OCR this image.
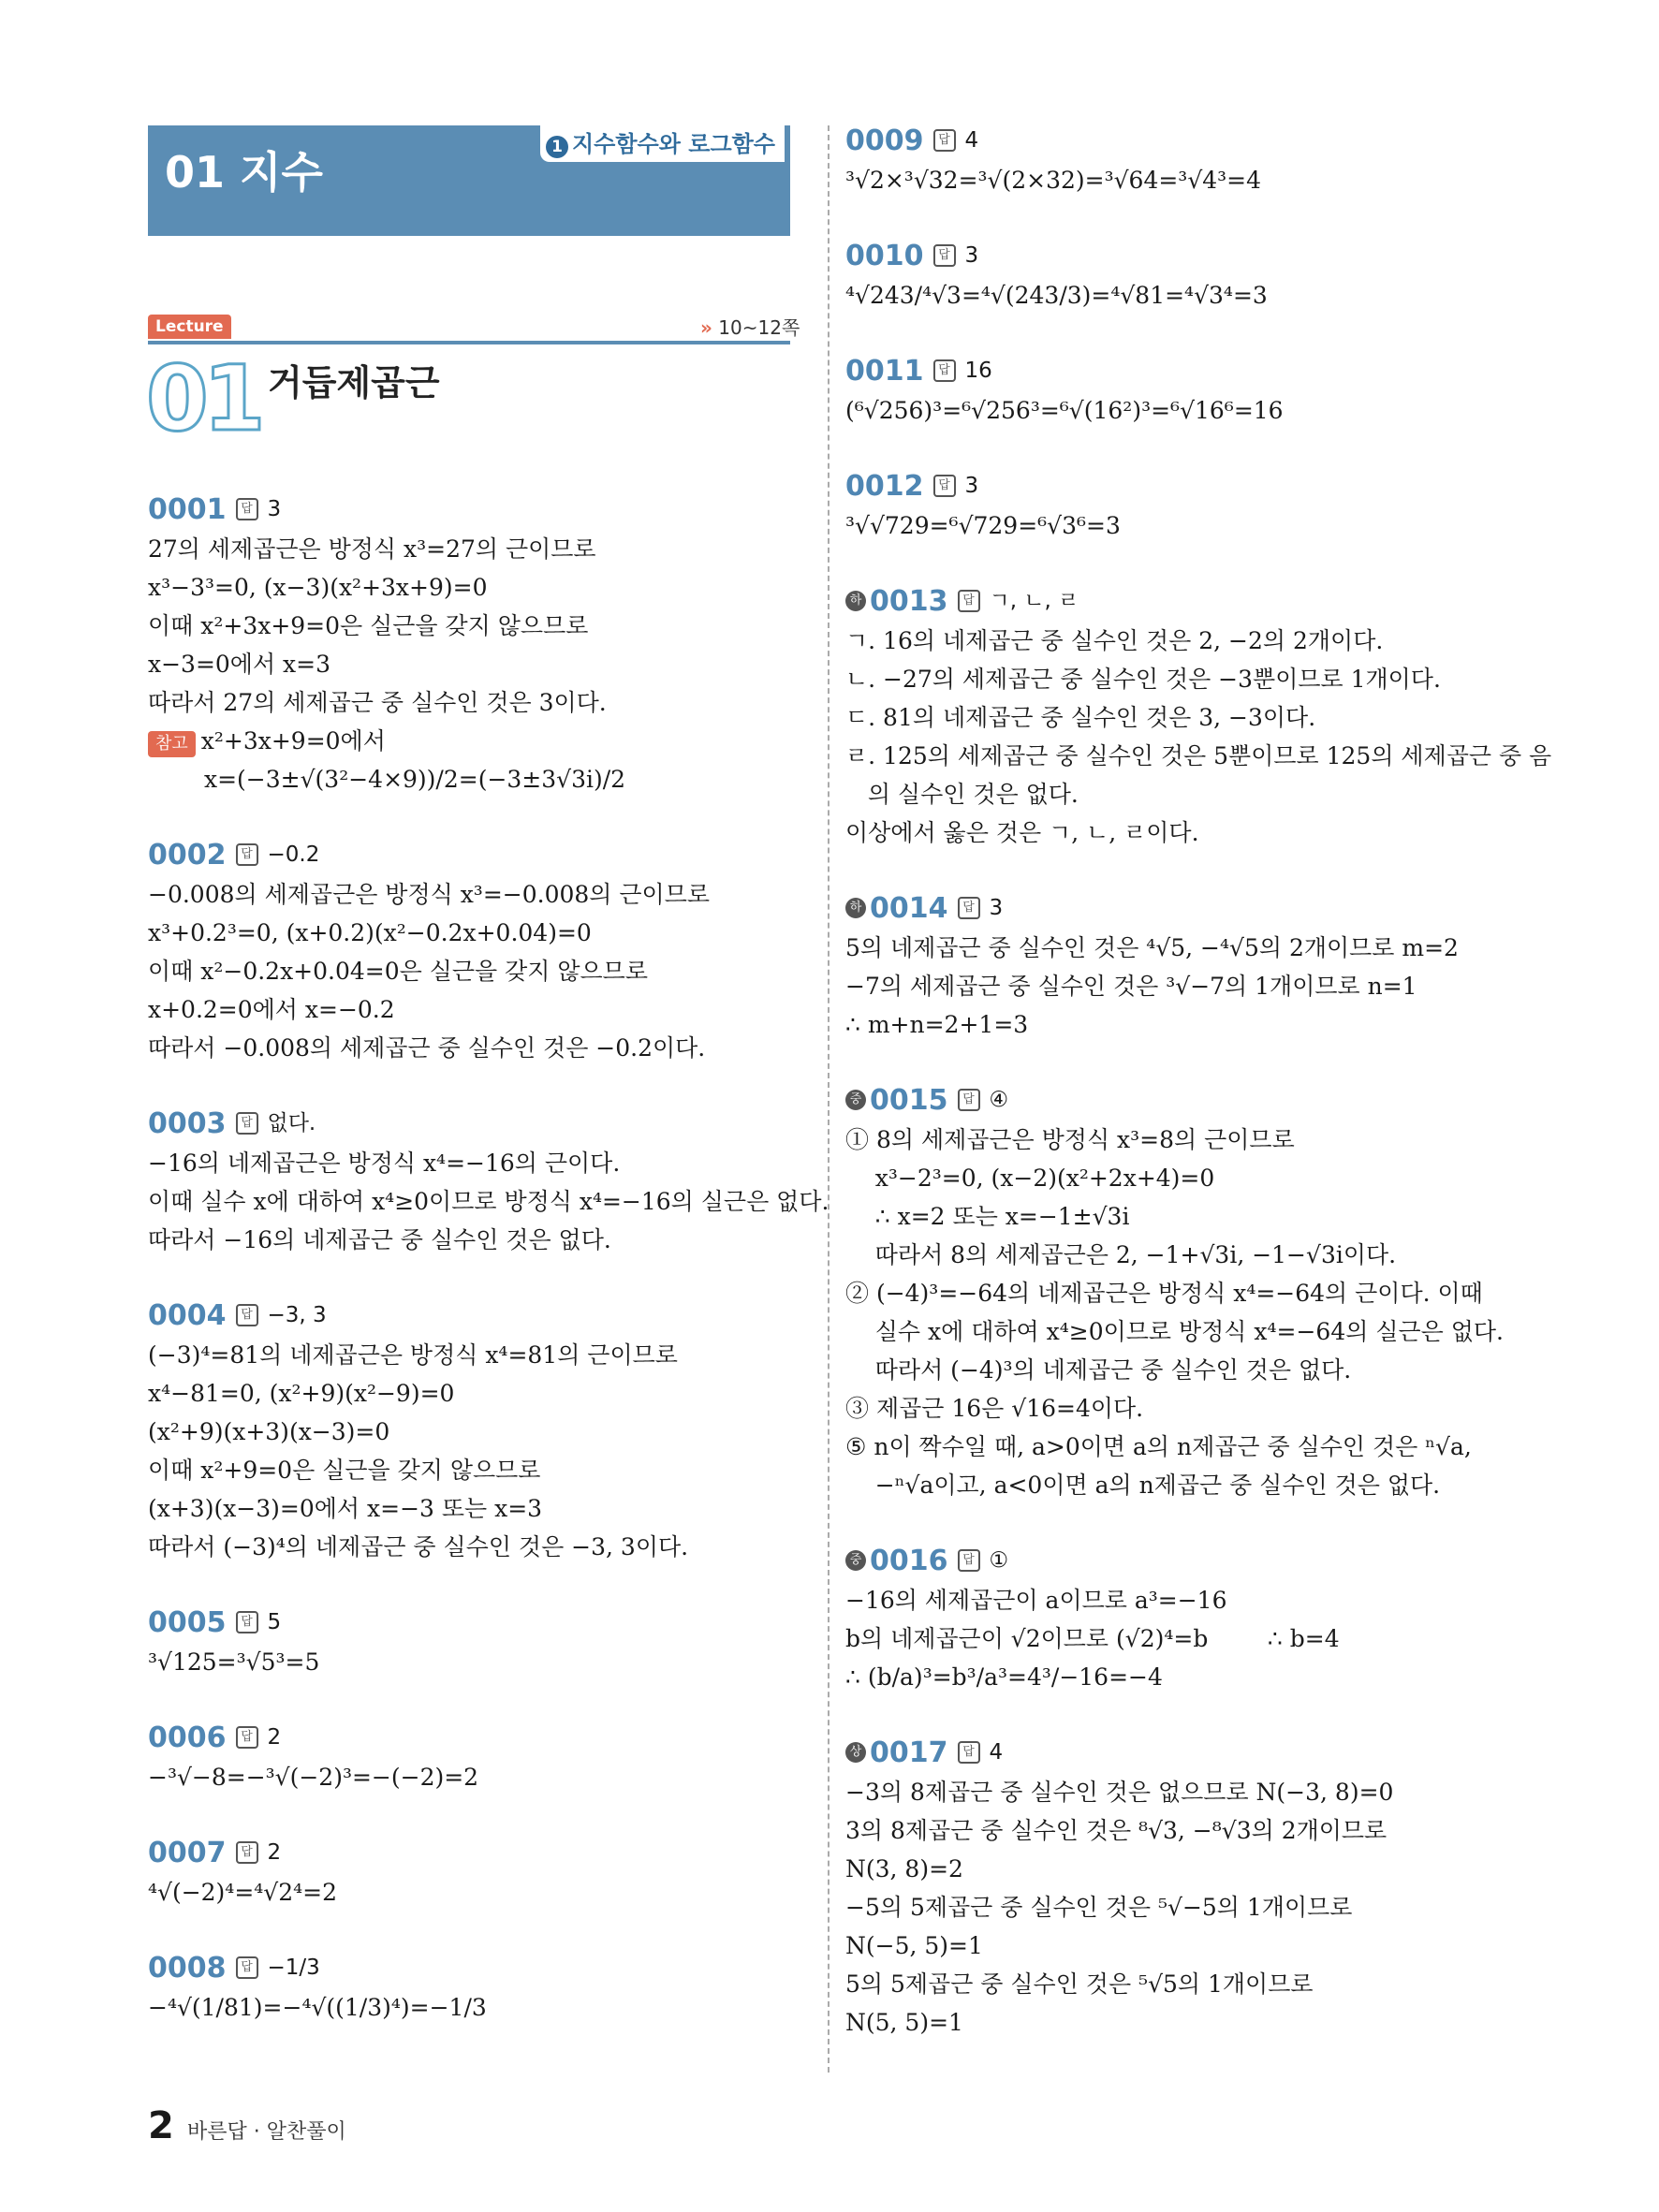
01 지수	1 지수함수와 로그함수
Lecture	» 10~12쪽
01 거듭제곱근
0001	답 3
27의 세제곱근은 방정식 x³=27의 근이므로
x³−3³=0, (x−3)(x²+3x+9)=0
이때 x²+3x+9=0은 실근을 갖지 않으므로
x−3=0에서 x=3
따라서 27의 세제곱근 중 실수인 것은 3이다.
참고 x²+3x+9=0에서
x=(−3±√(3²−4×9))/2=(−3±3√3i)/2
0002	답 −0.2
−0.008의 세제곱근은 방정식 x³=−0.008의 근이므로
x³+0.2³=0, (x+0.2)(x²−0.2x+0.04)=0
이때 x²−0.2x+0.04=0은 실근을 갖지 않으므로
x+0.2=0에서 x=−0.2
따라서 −0.008의 세제곱근 중 실수인 것은 −0.2이다.
0003	답 없다.
−16의 네제곱근은 방정식 x⁴=−16의 근이다.
이때 실수 x에 대하여 x⁴≥0이므로 방정식 x⁴=−16의 실근은 없다.
따라서 −16의 네제곱근 중 실수인 것은 없다.
0004	답 −3, 3
(−3)⁴=81의 네제곱근은 방정식 x⁴=81의 근이므로
x⁴−81=0, (x²+9)(x²−9)=0
(x²+9)(x+3)(x−3)=0
이때 x²+9=0은 실근을 갖지 않으므로
(x+3)(x−3)=0에서 x=−3 또는 x=3
따라서 (−3)⁴의 네제곱근 중 실수인 것은 −3, 3이다.
0005	답 5
³√125=³√5³=5
0006	답 2
−³√−8=−³√(−2)³=−(−2)=2
0007	답 2
⁴√(−2)⁴=⁴√2⁴=2
0008	답 −1/3
−⁴√(1/81)=−⁴√((1/3)⁴)=−1/3
0009	답 4
³√2×³√32=³√(2×32)=³√64=³√4³=4
0010	답 3
⁴√243/⁴√3=⁴√(243/3)=⁴√81=⁴√3⁴=3
0011	답 16
(⁶√256)³=⁶√256³=⁶√(16²)³=⁶√16⁶=16
0012	답 3
³√√729=⁶√729=⁶√3⁶=3
하 0013	답 ㄱ, ㄴ, ㄹ
ㄱ. 16의 네제곱근 중 실수인 것은 2, −2의 2개이다.
ㄴ. −27의 세제곱근 중 실수인 것은 −3뿐이므로 1개이다.
ㄷ. 81의 네제곱근 중 실수인 것은 3, −3이다.
ㄹ. 125의 세제곱근 중 실수인 것은 5뿐이므로 125의 세제곱근 중 음
의 실수인 것은 없다.
이상에서 옳은 것은 ㄱ, ㄴ, ㄹ이다.
하 0014	답 3
5의 네제곱근 중 실수인 것은 ⁴√5, −⁴√5의 2개이므로 m=2
−7의 세제곱근 중 실수인 것은 ³√−7의 1개이므로 n=1
∴ m+n=2+1=3
중 0015	답 ④
① 8의 세제곱근은 방정식 x³=8의 근이므로
x³−2³=0, (x−2)(x²+2x+4)=0
∴ x=2 또는 x=−1±√3i
따라서 8의 세제곱근은 2, −1+√3i, −1−√3i이다.
② (−4)³=−64의 네제곱근은 방정식 x⁴=−64의 근이다. 이때
실수 x에 대하여 x⁴≥0이므로 방정식 x⁴=−64의 실근은 없다.
따라서 (−4)³의 네제곱근 중 실수인 것은 없다.
③ 제곱근 16은 √16=4이다.
⑤ n이 짝수일 때, a>0이면 a의 n제곱근 중 실수인 것은 ⁿ√a,
−ⁿ√a이고, a<0이면 a의 n제곱근 중 실수인 것은 없다.
중 0016	답 ①
−16의 세제곱근이 a이므로 a³=−16
b의 네제곱근이 √2이므로 (√2)⁴=b        ∴ b=4
∴ (b/a)³=b³/a³=4³/−16=−4
상 0017	답 4
−3의 8제곱근 중 실수인 것은 없으므로 N(−3, 8)=0
3의 8제곱근 중 실수인 것은 ⁸√3, −⁸√3의 2개이므로
N(3, 8)=2
−5의 5제곱근 중 실수인 것은 ⁵√−5의 1개이므로
N(−5, 5)=1
5의 5제곱근 중 실수인 것은 ⁵√5의 1개이므로
N(5, 5)=1
2 바른답 · 알찬풀이
